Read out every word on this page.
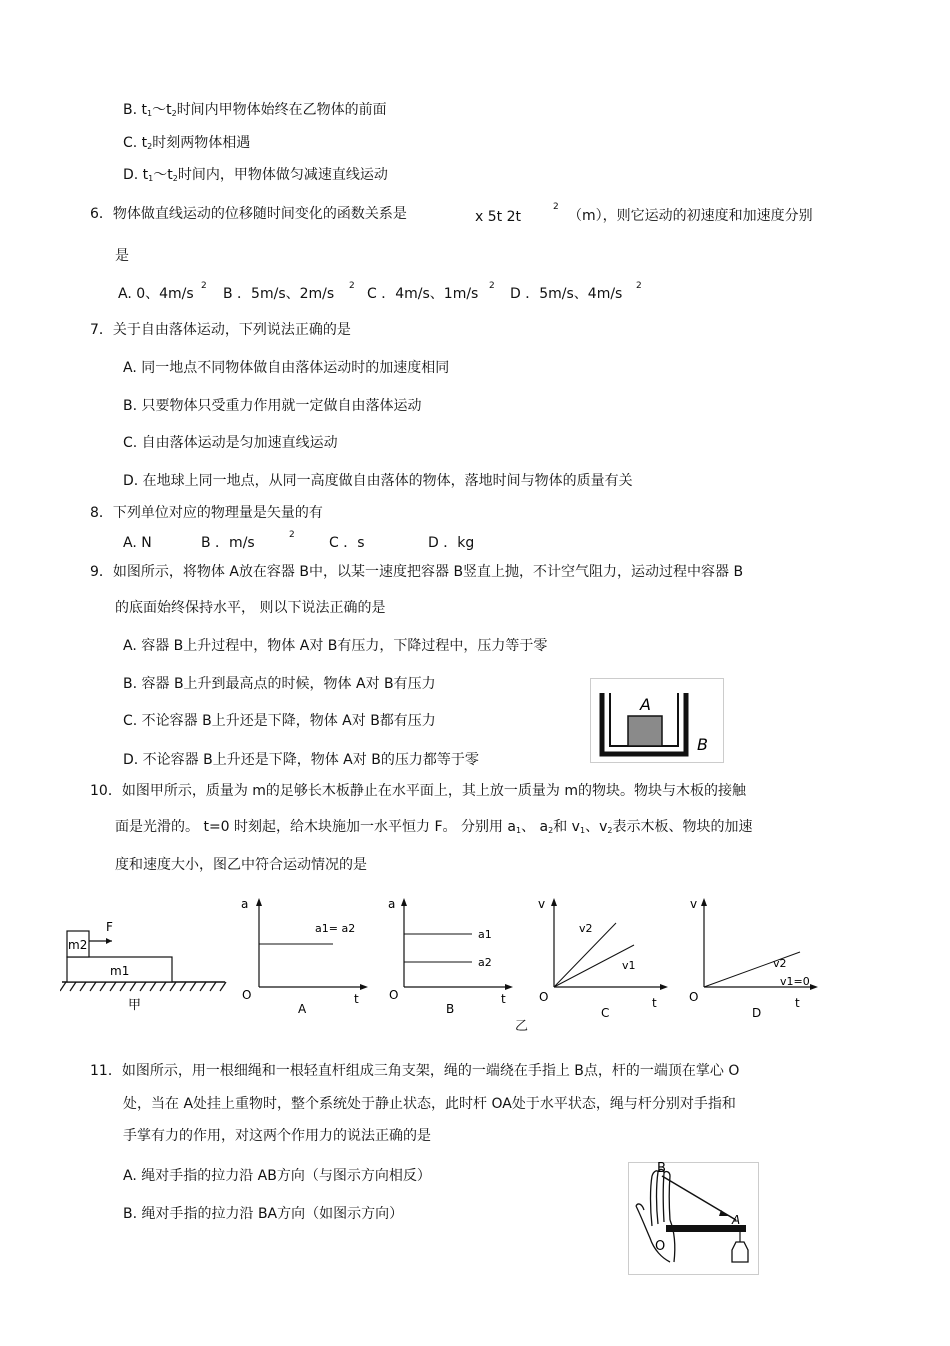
B. $t_1\sim t_2$时间内甲物体始终在乙物体的前面
C. $t_2$时刻两物体相遇
D. $t_1\sim t_2$时间内，甲物体做匀减速直线运动
6．物体做直线运动的位移随时间变化的函数关系是	x 5t 2t
2
（m），则它运动的初速度和加速度分别
是
A. 0、4m/s 2 B ．5m/s、2m/s 2 C ．4m/s、1m/s 2 D ．5m/s、4m/s 2
7．关于自由落体运动，下列说法正确的是
A. 同一地点不同物体做自由落体运动时的加速度相同
B. 只要物体只受重力作用就一定做自由落体运动
C. 自由落体运动是匀加速直线运动
D. 在地球上同一地点，从同一高度做自由落体的物体，落地时间与物体的质量有关
8．下列单位对应的物理量是矢量的有
A. N	B ．m/s	2 C ．s	D ．kg
9．如图所示，将物体 A放在容器 B中，以某一速度把容器 B竖直上抛，不计空气阻力，运动过程中容器 B
的底面始终保持水平， 则以下说法正确的是
A. 容器 B上升过程中，物体 A对 B有压力，下降过程中，压力等于零
B. 容器 B上升到最高点的时候，物体 A对 B有压力
C. 不论容器 B上升还是下降，物体 A对 B都有压力
D. 不论容器 B上升还是下降，物体 A对 B的压力都等于零
A
B
10．如图甲所示，质量为 m的足够长木板静止在水平面上，其上放一质量为 m的物块。物块与木板的接触
面是光滑的。 t=0 时刻起，给木块施加一水平恒力 F。 分别用 $a_1$、 $a_2$和 $v_1$、$v_2$表示木板、物块的加速
度和速度大小，图乙中符合运动情况的是
F
m2
m1
甲
a
O	t
a1= a2
A
a
O	t
a1
a2
B
v
O	t
v2
v1
C
v
O	t
v2
v1=0
D
乙
11．如图所示，用一根细绳和一根轻直杆组成三角支架，绳的一端绕在手指上 B点，杆的一端顶在掌心 O
处，当在 A处挂上重物时，整个系统处于静止状态，此时杆 OA处于水平状态，绳与杆分别对手指和
手掌有力的作用，对这两个作用力的说法正确的是
A. 绳对手指的拉力沿 AB方向（与图示方向相反）
B. 绳对手指的拉力沿 BA方向（如图示方向）
B
A
O
